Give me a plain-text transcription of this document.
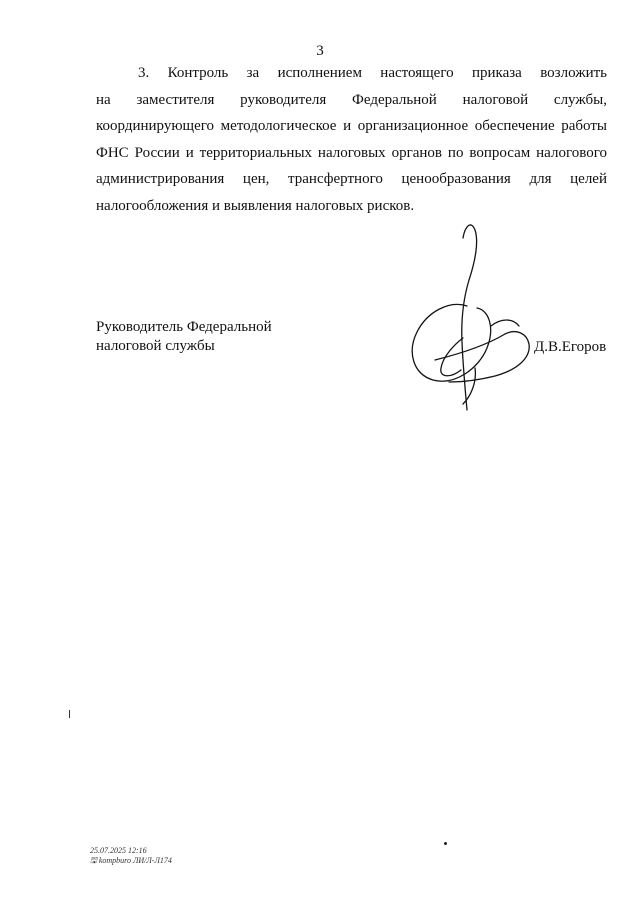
3
3. Контроль за исполнением настоящего приказа возложить
на заместителя руководителя Федеральной налоговой службы,
координирующего методологическое и организационное обеспечение работы
ФНС России и территориальных налоговых органов по вопросам налогового
администрирования цен, трансфертного ценообразования для целей
налогообложения и выявления налоговых рисков.
Руководитель Федеральной
налоговой службы	Д.В.Егоров
25.07.2025 12:16
🖫 kompburo ЛИ/Л-Л174
